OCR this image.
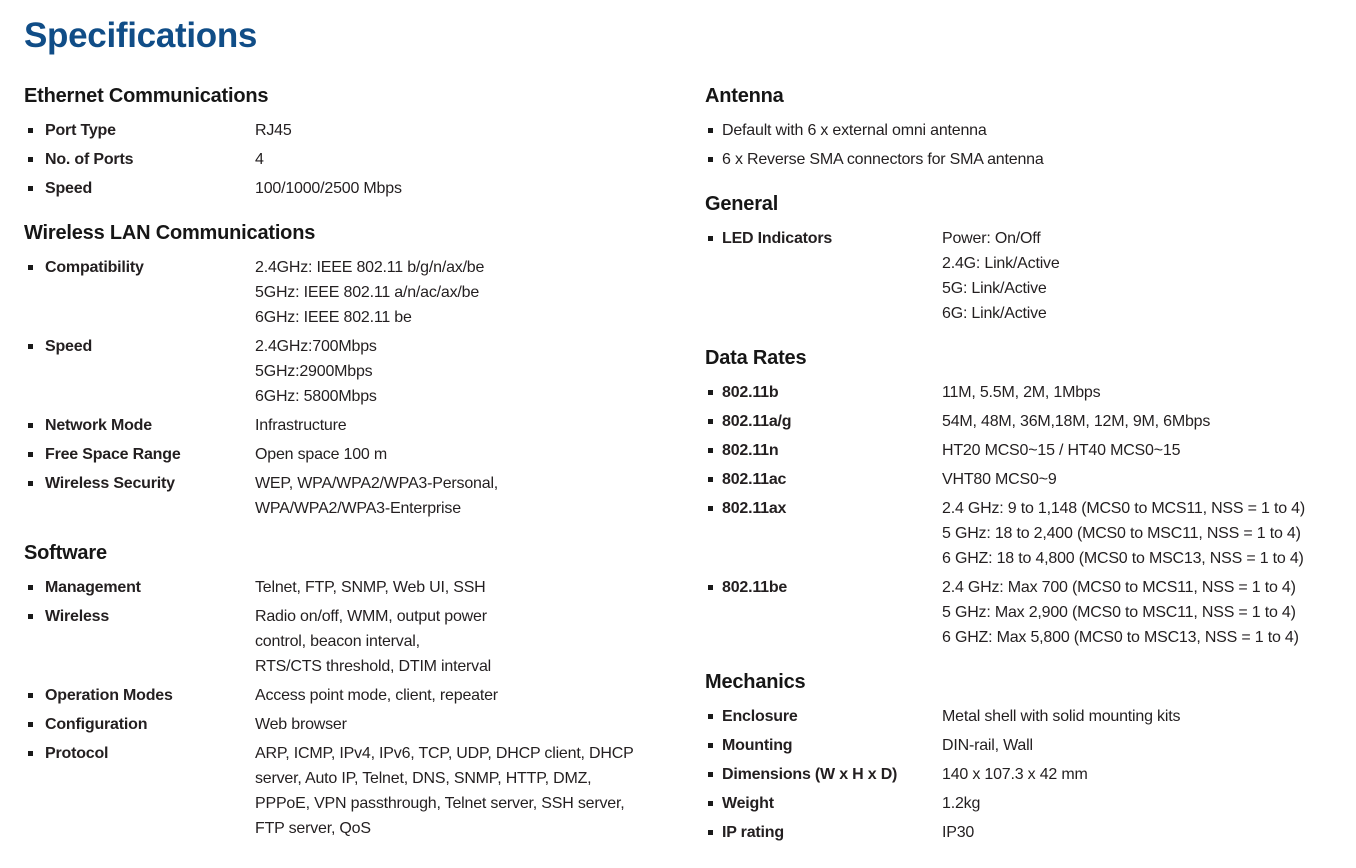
Specifications
Ethernet Communications
Port Type	RJ45
No. of Ports	4
Speed	100/1000/2500 Mbps
Wireless LAN Communications
Compatibility	2.4GHz: IEEE 802.11 b/g/n/ax/be
5GHz: IEEE 802.11 a/n/ac/ax/be
6GHz: IEEE 802.11 be
Speed	2.4GHz:700Mbps
5GHz:2900Mbps
6GHz: 5800Mbps
Network Mode	Infrastructure
Free Space Range	Open space 100 m
Wireless Security	WEP, WPA/WPA2/WPA3-Personal,
WPA/WPA2/WPA3-Enterprise
Software
Management	Telnet, FTP, SNMP, Web UI, SSH
Wireless	Radio on/off, WMM, output power
control, beacon interval,
RTS/CTS threshold, DTIM interval
Operation Modes	Access point mode, client, repeater
Configuration	Web browser
Protocol	ARP, ICMP, IPv4, IPv6, TCP, UDP, DHCP client, DHCP
server, Auto IP, Telnet, DNS, SNMP, HTTP, DMZ,
PPPoE, VPN passthrough, Telnet server, SSH server,
FTP server, QoS
Antenna
Default with 6 x external omni antenna
6 x Reverse SMA connectors for SMA antenna
General
LED Indicators	Power: On/Off
2.4G: Link/Active
5G: Link/Active
6G: Link/Active
Data Rates
802.11b	11M, 5.5M, 2M, 1Mbps
802.11a/g	54M, 48M, 36M,18M, 12M, 9M, 6Mbps
802.11n	HT20 MCS0~15 / HT40 MCS0~15
802.11ac	VHT80 MCS0~9
802.11ax	2.4 GHz: 9 to 1,148 (MCS0 to MCS11, NSS = 1 to 4)
5 GHz: 18 to 2,400 (MCS0 to MSC11, NSS = 1 to 4)
6 GHZ: 18 to 4,800 (MCS0 to MSC13, NSS = 1 to 4)
802.11be	2.4 GHz: Max 700 (MCS0 to MCS11, NSS = 1 to 4)
5 GHz: Max 2,900 (MCS0 to MSC11, NSS = 1 to 4)
6 GHZ: Max 5,800 (MCS0 to MSC13, NSS = 1 to 4)
Mechanics
Enclosure	Metal shell with solid mounting kits
Mounting	DIN-rail, Wall
Dimensions (W x H x D)	140 x 107.3 x 42 mm
Weight	1.2kg
IP rating	IP30
